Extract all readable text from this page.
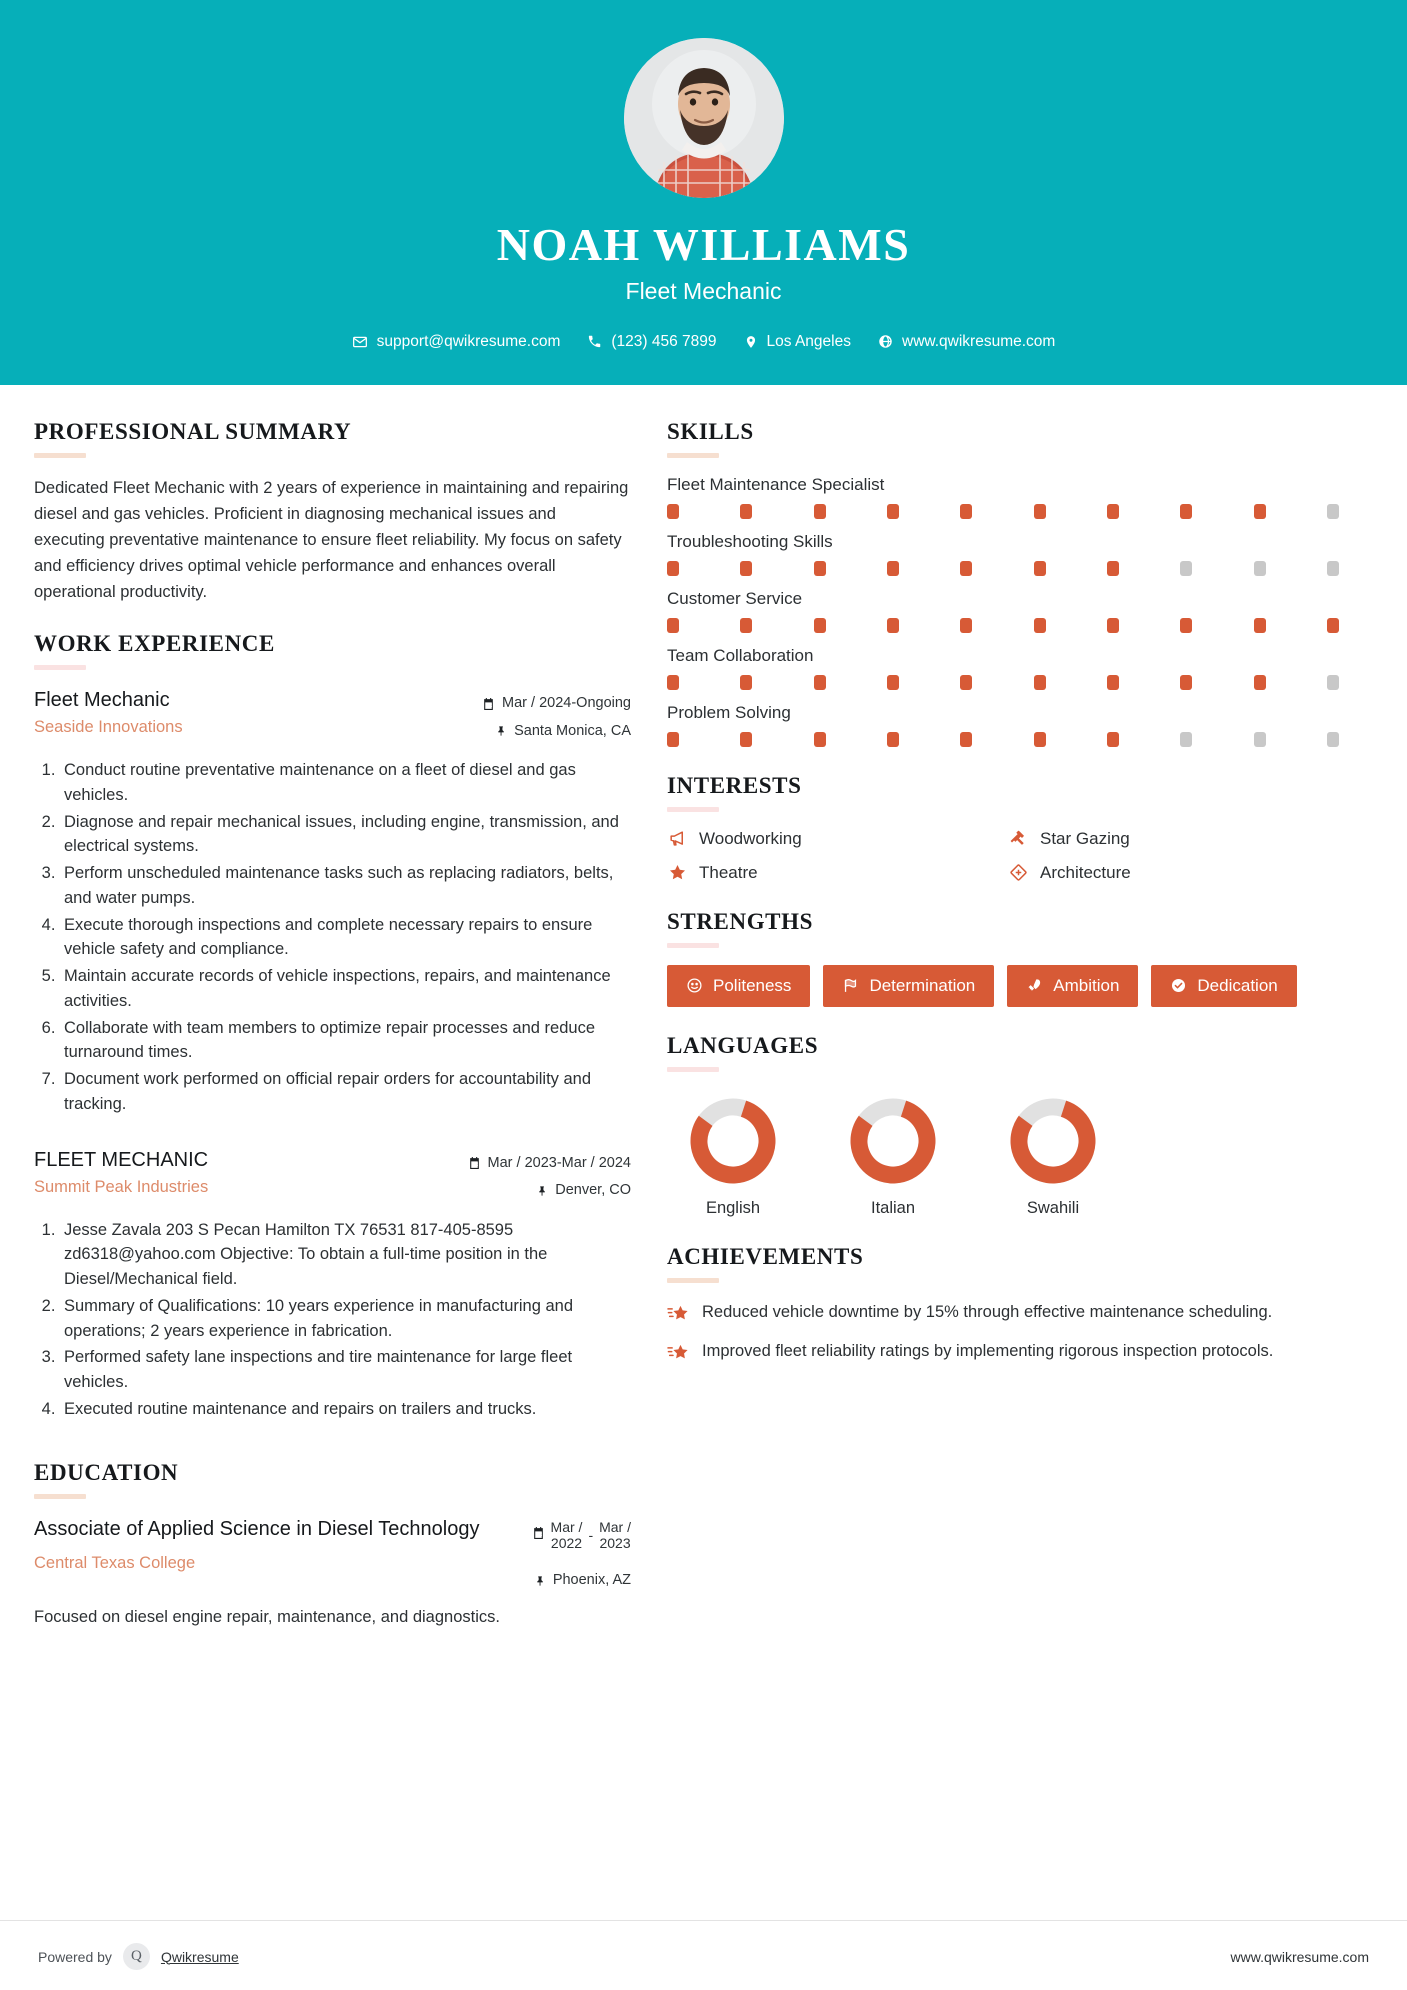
NOAH WILLIAMS
Fleet Mechanic
support@qwikresume.com	(123) 456 7899	Los Angeles	www.qwikresume.com
PROFESSIONAL SUMMARY
Dedicated Fleet Mechanic with 2 years of experience in maintaining and repairing diesel and gas vehicles. Proficient in diagnosing mechanical issues and executing preventative maintenance to ensure fleet reliability. My focus on safety and efficiency drives optimal vehicle performance and enhances overall operational productivity.
WORK EXPERIENCE
Fleet Mechanic
Seaside Innovations
Mar / 2024-Ongoing
Santa Monica, CA
1. Conduct routine preventative maintenance on a fleet of diesel and gas vehicles.
2. Diagnose and repair mechanical issues, including engine, transmission, and electrical systems.
3. Perform unscheduled maintenance tasks such as replacing radiators, belts, and water pumps.
4. Execute thorough inspections and complete necessary repairs to ensure vehicle safety and compliance.
5. Maintain accurate records of vehicle inspections, repairs, and maintenance activities.
6. Collaborate with team members to optimize repair processes and reduce turnaround times.
7. Document work performed on official repair orders for accountability and tracking.
FLEET MECHANIC
Summit Peak Industries
Mar / 2023-Mar / 2024
Denver, CO
1. Jesse Zavala 203 S Pecan Hamilton TX 76531 817-405-8595 zd6318@yahoo.com Objective: To obtain a full-time position in the Diesel/Mechanical field.
2. Summary of Qualifications: 10 years experience in manufacturing and operations; 2 years experience in fabrication.
3. Performed safety lane inspections and tire maintenance for large fleet vehicles.
4. Executed routine maintenance and repairs on trailers and trucks.
EDUCATION
Associate of Applied Science in Diesel Technology
Central Texas College
Mar /
2022
-
Mar /
2023
Phoenix, AZ
Focused on diesel engine repair, maintenance, and diagnostics.
SKILLS
Fleet Maintenance Specialist
Troubleshooting Skills
Customer Service
Team Collaboration
Problem Solving
INTERESTS
Woodworking	Star Gazing
Theatre	Architecture
STRENGTHS
Politeness	Determination	Ambition	Dedication
LANGUAGES
English	Italian	Swahili
ACHIEVEMENTS
Reduced vehicle downtime by 15% through effective maintenance scheduling.
Improved fleet reliability ratings by implementing rigorous inspection protocols.
Powered by	Q	Qwikresume	www.qwikresume.com
